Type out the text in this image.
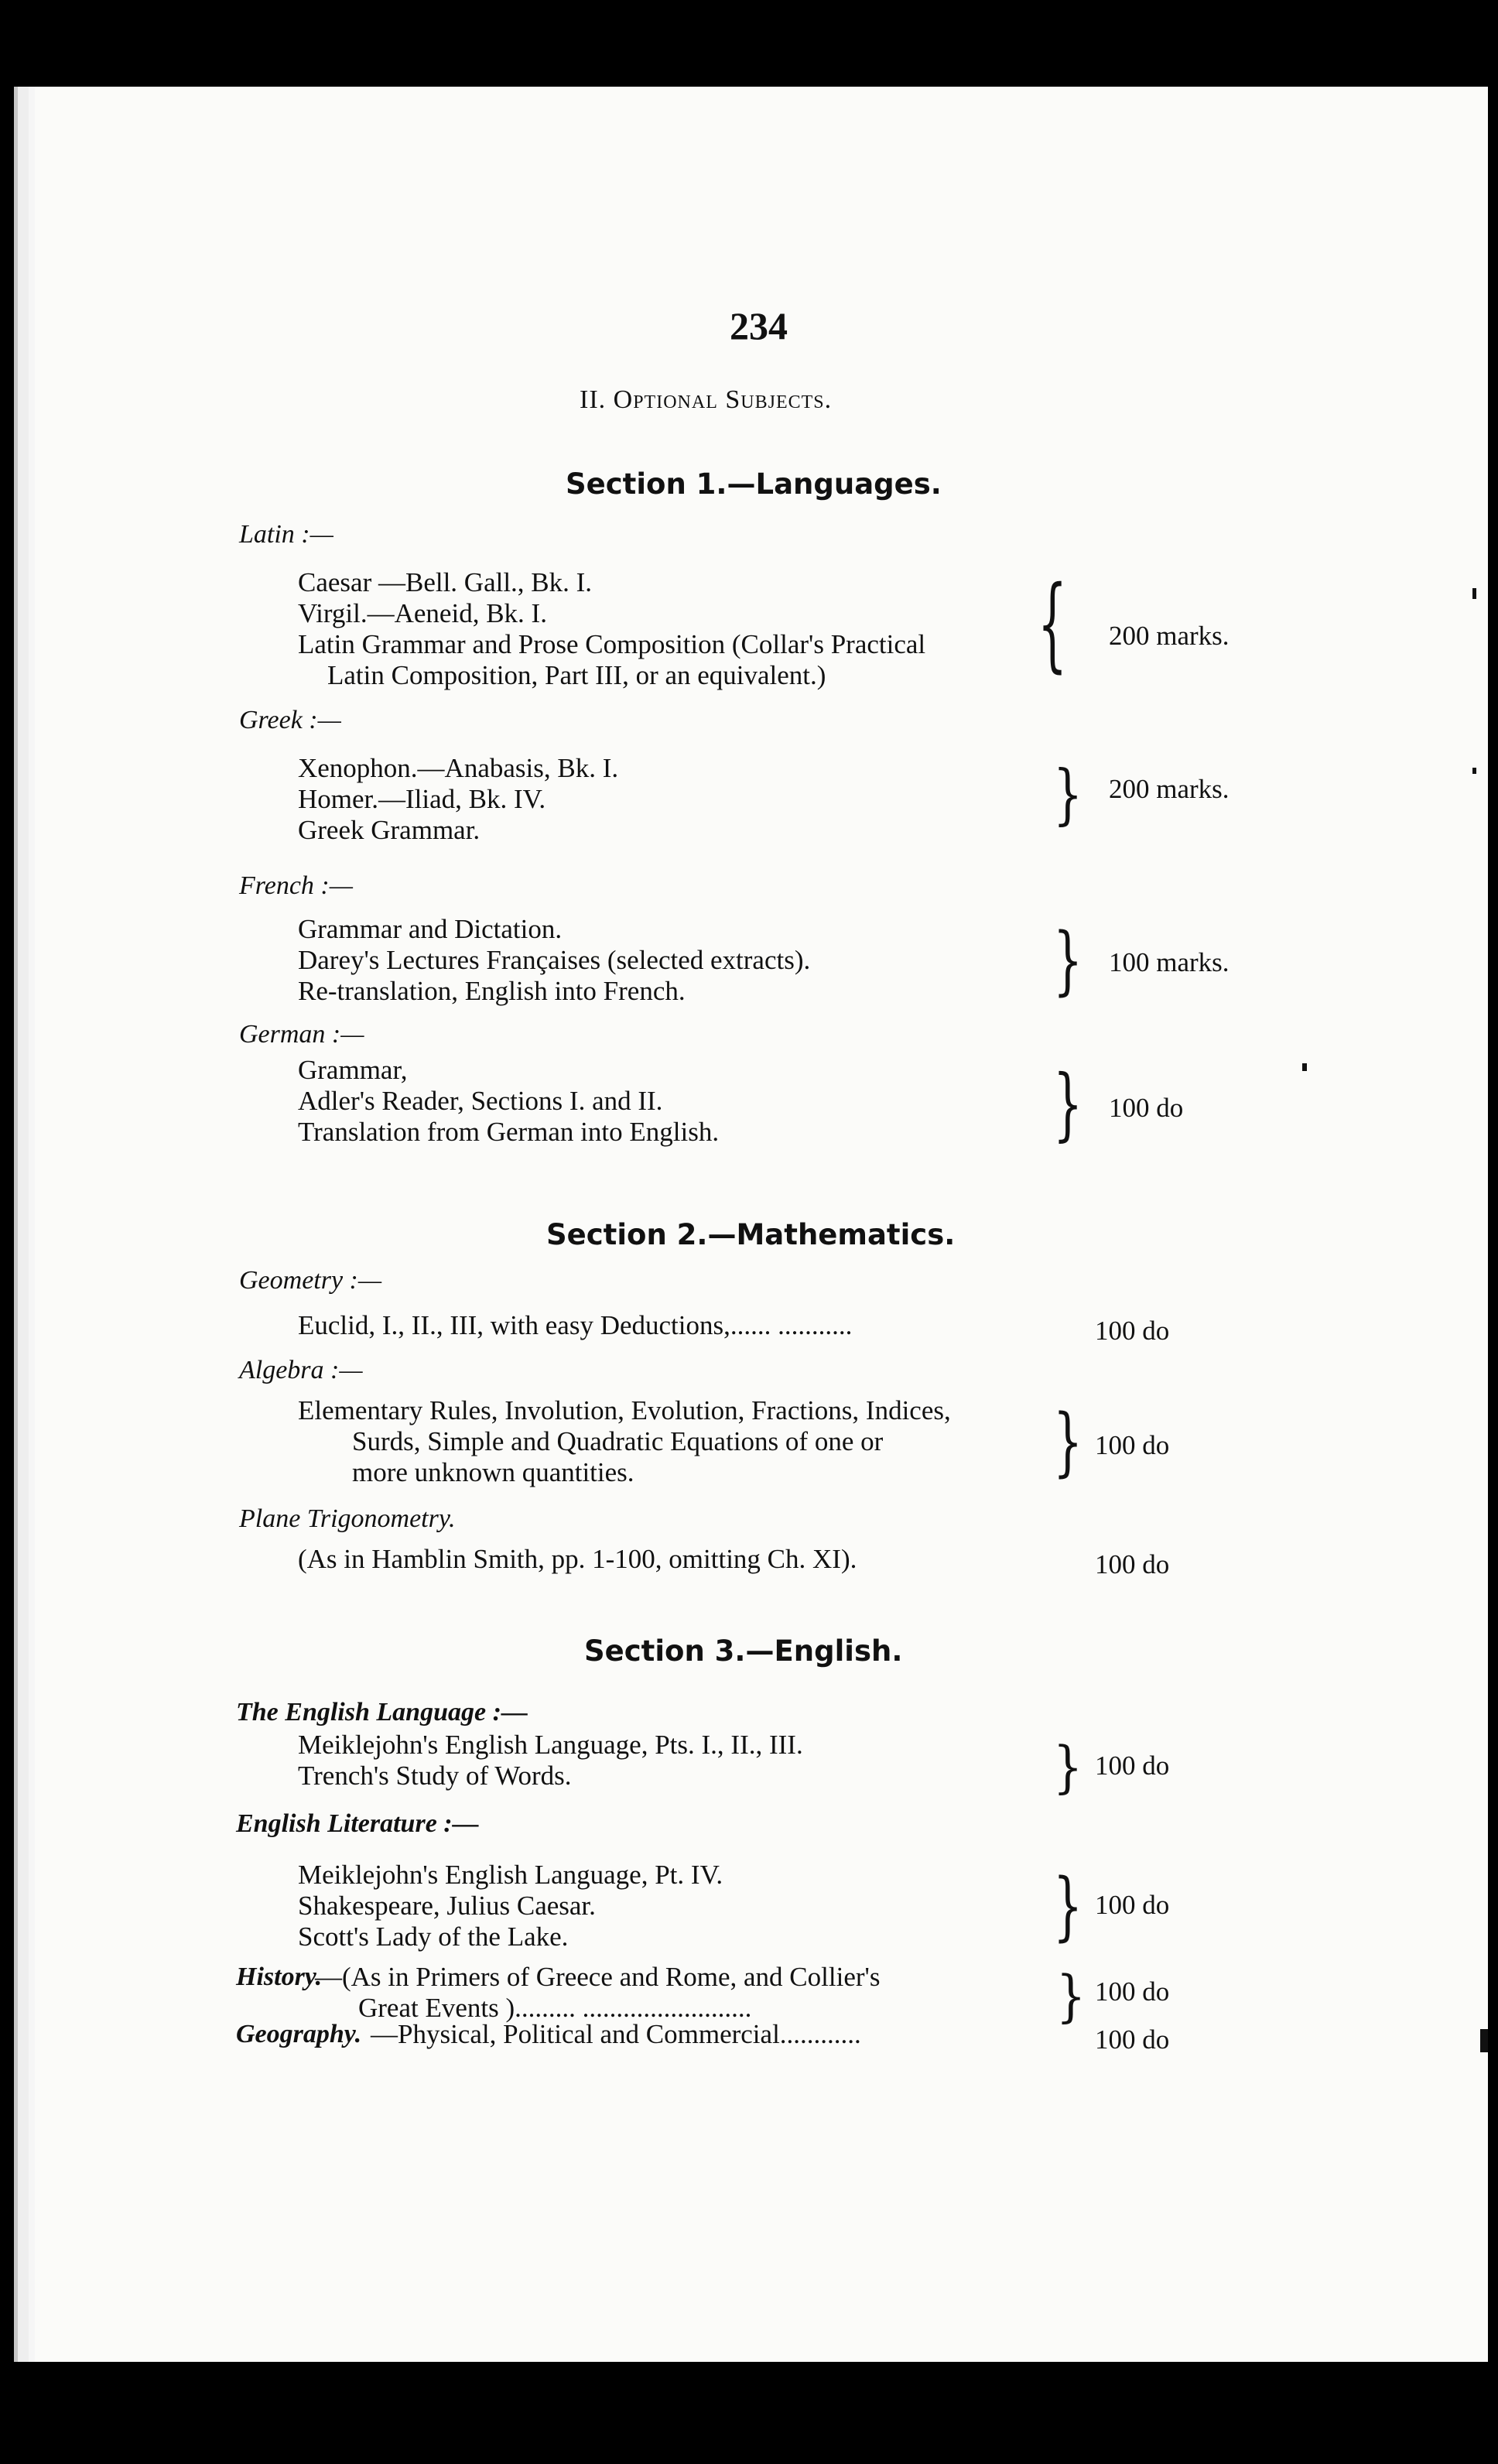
234
II. Optional Subjects.
Section 1.—Languages.
Latin :—
Caesar —Bell. Gall., Bk. I.
Virgil.—Aeneid, Bk. I.
Latin Grammar and Prose Composition (Collar's Practical
Latin Composition, Part III, or an equivalent.)	{ 200 marks.
Greek :—
Xenophon.—Anabasis, Bk. I.
Homer.—Iliad, Bk. IV.
Greek Grammar.	} 200 marks.
French :—
Grammar and Dictation.
Darey's Lectures Françaises (selected extracts).
Re-translation, English into French.	} 100 marks.
German :—
Grammar,
Adler's Reader, Sections I. and II.
Translation from German into English.	} 100 do
Section 2.—Mathematics.
Geometry :—
Euclid, I., II., III, with easy Deductions,...... ...........	100 do
Algebra :—
Elementary Rules, Involution, Evolution, Fractions, Indices,
Surds, Simple and Quadratic Equations of one or
more unknown quantities.	} 100 do
Plane Trigonometry.
(As in Hamblin Smith, pp. 1-100, omitting Ch. XI).	100 do
Section 3.—English.
The English Language :—
Meiklejohn's English Language, Pts. I., II., III.
Trench's Study of Words.	} 100 do
English Literature :—
Meiklejohn's English Language, Pt. IV.
Shakespeare, Julius Caesar.
Scott's Lady of the Lake.	} 100 do
History.
—(As in Primers of Greece and Rome, and Collier's
Great Events )......... .........................	} 100 do
Geography. —Physical, Political and Commercial............	100 do
